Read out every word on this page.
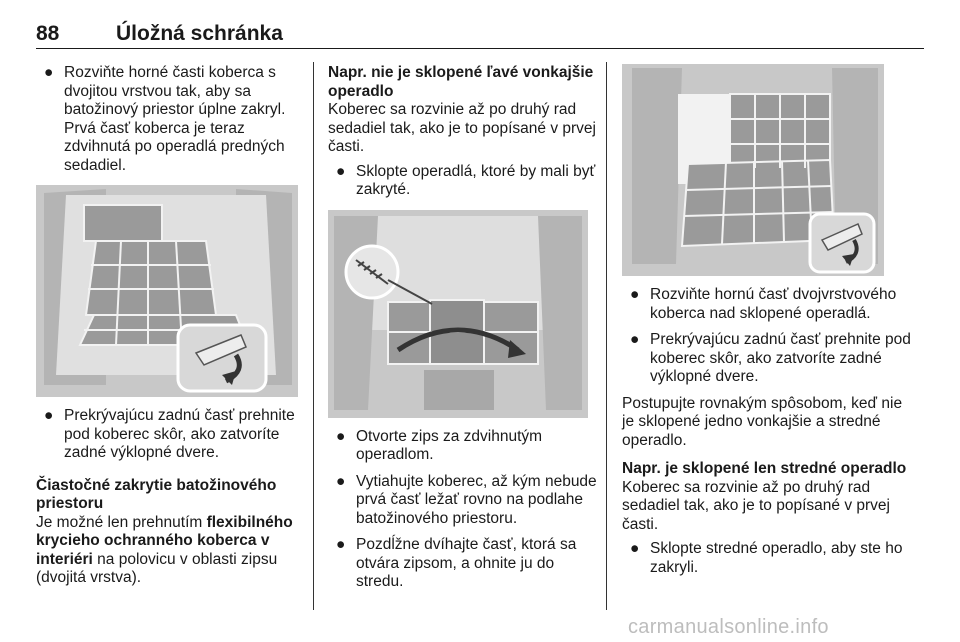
88	Úložná schránka
● Rozviňte horné časti koberca s dvojitou vrstvou tak, aby sa batožinový priestor úplne zakryl. Prvá časť koberca je teraz zdvihnutá po operadlá predných sedadiel.
● Prekrývajúcu zadnú časť prehnite pod koberec skôr, ako zatvoríte zadné výklopné dvere.
Čiastočné zakrytie batožinového priestoru
Je možné len prehnutím flexibilného krycieho ochranného koberca v interiéri na polovicu v oblasti zipsu (dvojitá vrstva).
Napr. nie je sklopené ľavé vonkajšie operadlo
Koberec sa rozvinie až po druhý rad sedadiel tak, ako je to popísané v prvej časti.
● Sklopte operadlá, ktoré by mali byť zakryté.
● Otvorte zips za zdvihnutým operadlom.
● Vytiahujte koberec, až kým nebude prvá časť ležať rovno na podlahe batožinového priestoru.
● Pozdĺžne dvíhajte časť, ktorá sa otvára zipsom, a ohnite ju do stredu.
● Rozviňte hornú časť dvojvrstvového koberca nad sklopené operadlá.
● Prekrývajúcu zadnú časť prehnite pod koberec skôr, ako zatvoríte zadné výklopné dvere.
Postupujte rovnakým spôsobom, keď nie je sklopené jedno vonkajšie a stredné operadlo.
Napr. je sklopené len stredné operadlo
Koberec sa rozvinie až po druhý rad sedadiel tak, ako je to popísané v prvej časti.
● Sklopte stredné operadlo, aby ste ho zakryli.
carmanualsonline.info
